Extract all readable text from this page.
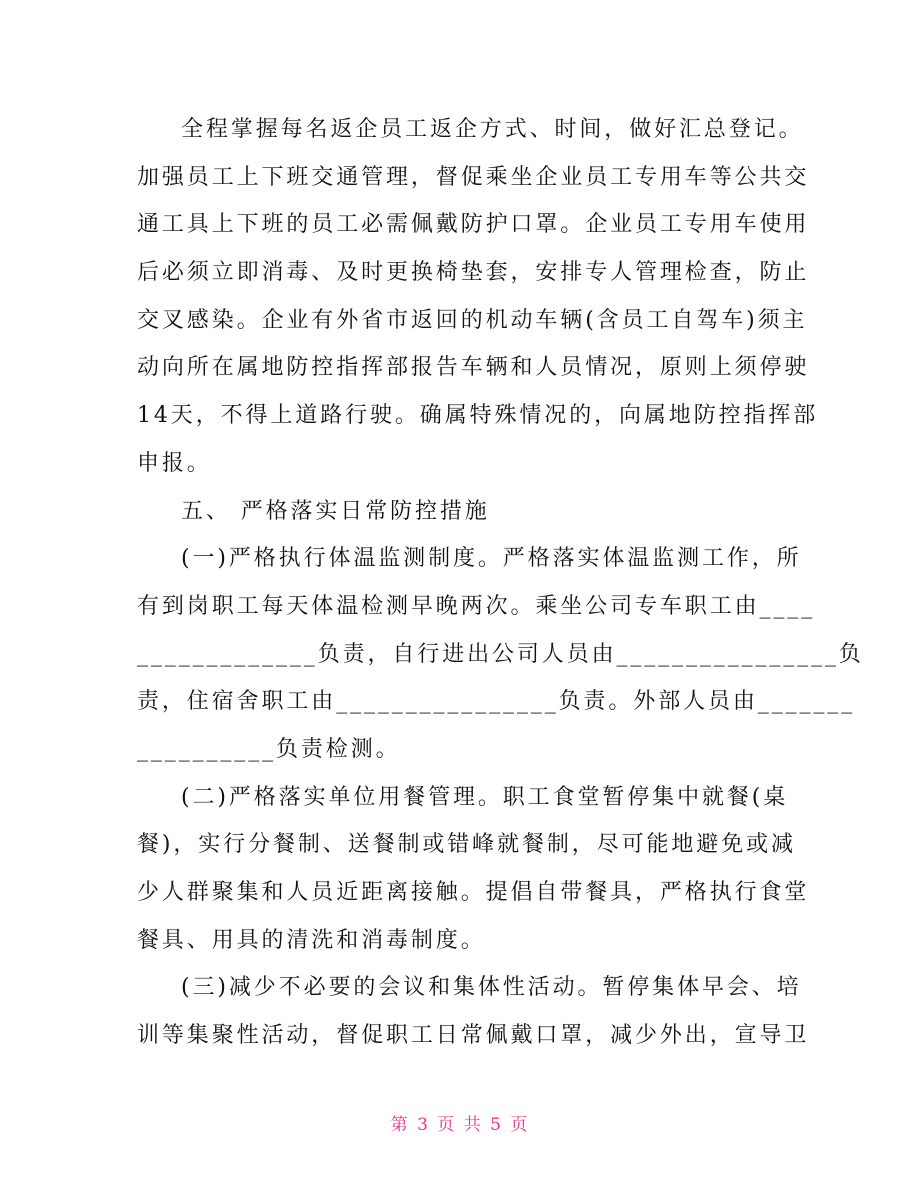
全程掌握每名返企员工返企方式、时间，做好汇总登记。
加强员工上下班交通管理，督促乘坐企业员工专用车等公共交
通工具上下班的员工必需佩戴防护口罩。企业员工专用车使用
后必须立即消毒、及时更换椅垫套，安排专人管理检查，防止
交叉感染。企业有外省市返回的机动车辆(含员工自驾车)须主
动向所在属地防控指挥部报告车辆和人员情况，原则上须停驶
14天，不得上道路行驶。确属特殊情况的，向属地防控指挥部
申报。
五、 严格落实日常防控措施
(一)严格执行体温监测制度。严格落实体温监测工作，所
有到岗职工每天体温检测早晚两次。乘坐公司专车职工由____
_____________负责，自行进出公司人员由________________负
责，住宿舍职工由________________负责。外部人员由_______
__________负责检测。
(二)严格落实单位用餐管理。职工食堂暂停集中就餐(桌
餐)，实行分餐制、送餐制或错峰就餐制，尽可能地避免或减
少人群聚集和人员近距离接触。提倡自带餐具，严格执行食堂
餐具、用具的清洗和消毒制度。
(三)减少不必要的会议和集体性活动。暂停集体早会、培
训等集聚性活动，督促职工日常佩戴口罩，减少外出，宣导卫
第 3 页 共 5 页
